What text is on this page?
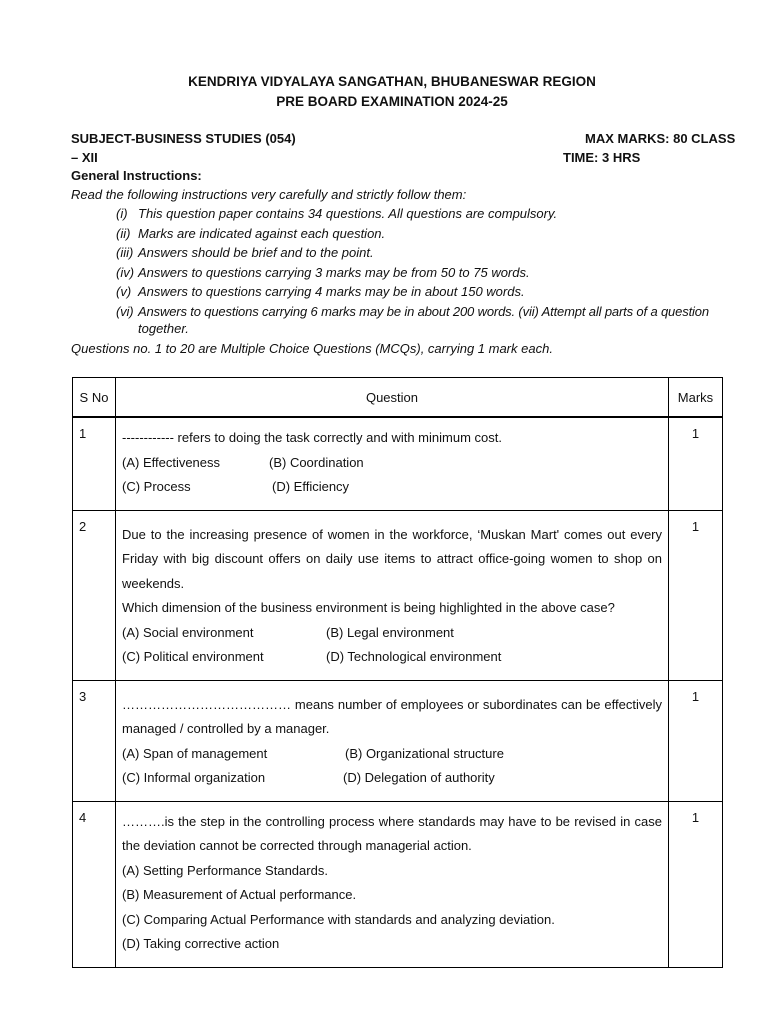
KENDRIYA VIDYALAYA SANGATHAN, BHUBANESWAR REGION
PRE BOARD EXAMINATION 2024-25
SUBJECT-BUSINESS STUDIES (054)	MAX MARKS: 80 CLASS
– XII	TIME: 3 HRS
General Instructions:
Read the following instructions very carefully and strictly follow them:
(i) This question paper contains 34 questions. All questions are compulsory.
(ii) Marks are indicated against each question.
(iii) Answers should be brief and to the point.
(iv) Answers to questions carrying 3 marks may be from 50 to 75 words.
(v) Answers to questions carrying 4 marks may be in about 150 words.
(vi) Answers to questions carrying 6 marks may be in about 200 words. (vii) Attempt all parts of a question
together.
Questions no. 1 to 20 are Multiple Choice Questions (MCQs), carrying 1 mark each.
S No	Question	Marks
1	------------ refers to doing the task correctly and with minimum cost.
(A) Effectiveness (B) Coordination
(C) Process (D) Efficiency	1
2	Due to the increasing presence of women in the workforce, ‘Muskan Mart' comes out every Friday with big discount offers on daily use items to attract office-going women to shop on weekends.
Which dimension of the business environment is being highlighted in the above case?
(A) Social environment (B) Legal environment
(C) Political environment (D) Technological environment	1
3	………………………………… means number of employees or subordinates can be effectively managed / controlled by a manager.
(A) Span of management (B) Organizational structure
(C) Informal organization (D) Delegation of authority	1
4	……….is the step in the controlling process where standards may have to be revised in case the deviation cannot be corrected through managerial action.
(A) Setting Performance Standards.
(B) Measurement of Actual performance.
(C) Comparing Actual Performance with standards and analyzing deviation.
(D) Taking corrective action	1
